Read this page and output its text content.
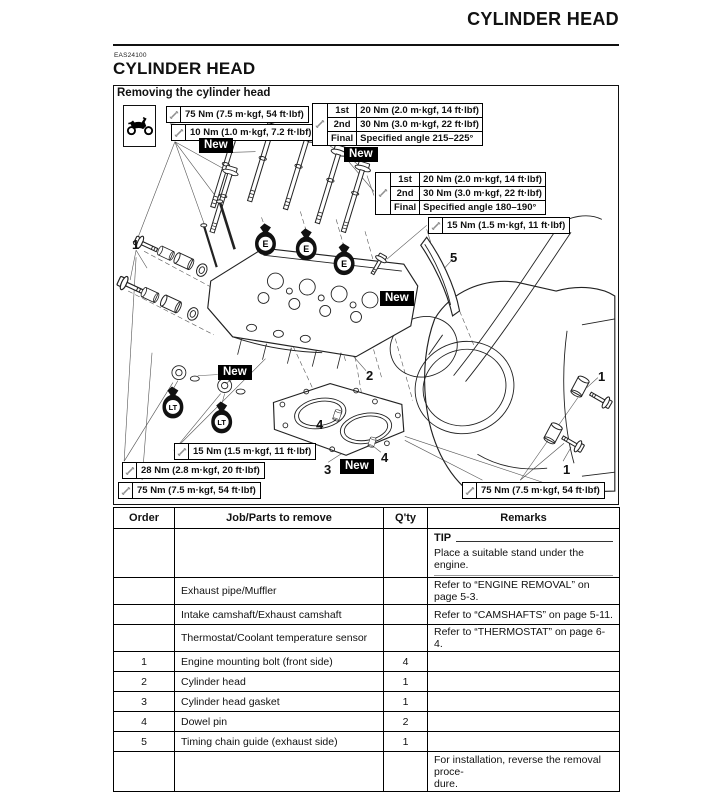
CYLINDER HEAD
EAS24100
CYLINDER HEAD
E	E
E
LT
LT
Removing the cylinder head
75 Nm (7.5 m·kgf, 54 ft·lbf)
10 Nm (1.0 m·kgf, 7.2 ft·lbf)
15 Nm (1.5 m·kgf, 11 ft·lbf)
15 Nm (1.5 m·kgf, 11 ft·lbf)
28 Nm (2.8 m·kgf, 20 ft·lbf)
75 Nm (7.5 m·kgf, 54 ft·lbf)	75 Nm (7.5 m·kgf, 54 ft·lbf)
	1st	20 Nm (2.0 m·kgf, 14 ft·lbf)
	2nd	30 Nm (3.0 m·kgf, 22 ft·lbf)
	Final	Specified angle 215–225°
	1st	20 Nm (2.0 m·kgf, 14 ft·lbf)
	2nd	30 Nm (3.0 m·kgf, 22 ft·lbf)
	Final	Specified angle 180–190°
New
New
New
New
New
1
1
1
2
3
4
4
5
Order	Job/Parts to remove	Q'ty	Remarks

			TIP
Place a suitable stand under the engine.

	Exhaust pipe/Muffler		Refer to “ENGINE REMOVAL” on page 5-3.
	Intake camshaft/Exhaust camshaft		Refer to “CAMSHAFTS” on page 5-11.
	Thermostat/Coolant temperature sensor		Refer to “THERMOSTAT” on page 6-4.
1	Engine mounting bolt (front side)	4	
2	Cylinder head	1	
3	Cylinder head gasket	1	
4	Dowel pin	2	
5	Timing chain guide (exhaust side)	1	
			For installation, reverse the removal proce-
dure.
